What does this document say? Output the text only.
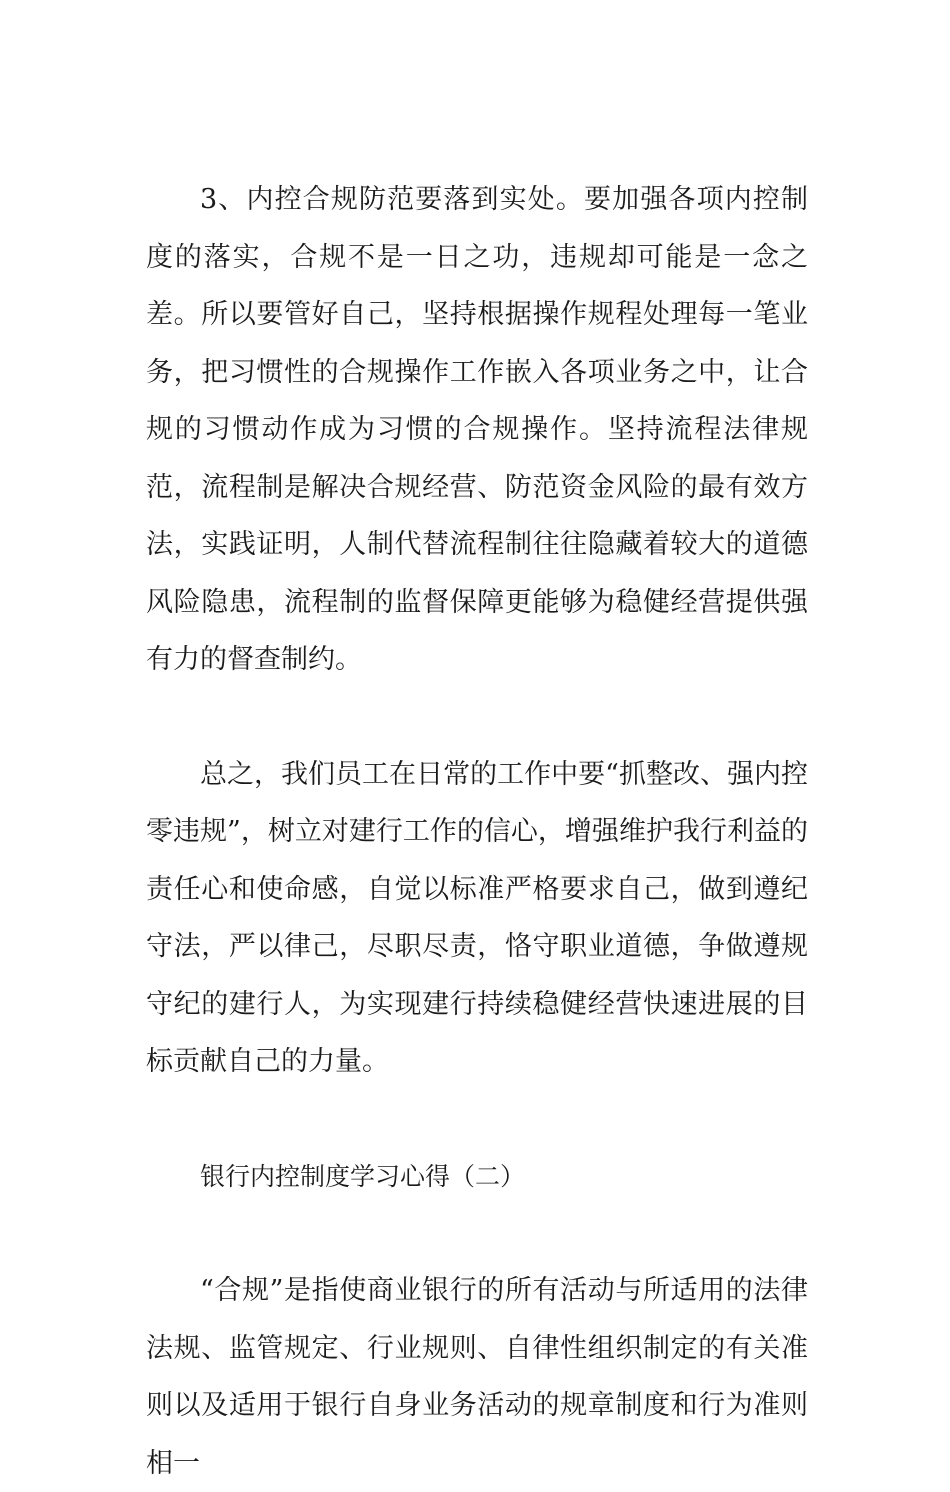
3、内控合规防范要落到实处。要加强各项内控制度的落实，合规不是一日之功，违规却可能是一念之差。所以要管好自己，坚持根据操作规程处理每一笔业务，把习惯性的合规操作工作嵌入各项业务之中，让合规的习惯动作成为习惯的合规操作。坚持流程法律规范，流程制是解决合规经营、防范资金风险的最有效方法，实践证明，人制代替流程制往往隐藏着较大的道德风险隐患，流程制的监督保障更能够为稳健经营提供强有力的督查制约。

总之，我们员工在日常的工作中要“抓整改、强内控零违规”，树立对建行工作的信心，增强维护我行利益的责任心和使命感，自觉以标准严格要求自己，做到遵纪守法，严以律己，尽职尽责，恪守职业道德，争做遵规守纪的建行人，为实现建行持续稳健经营快速进展的目标贡献自己的力量。

银行内控制度学习心得（二）

“合规”是指使商业银行的所有活动与所适用的法律法规、监管规定、行业规则、自律性组织制定的有关准则以及适用于银行自身业务活动的规章制度和行为准则相一
